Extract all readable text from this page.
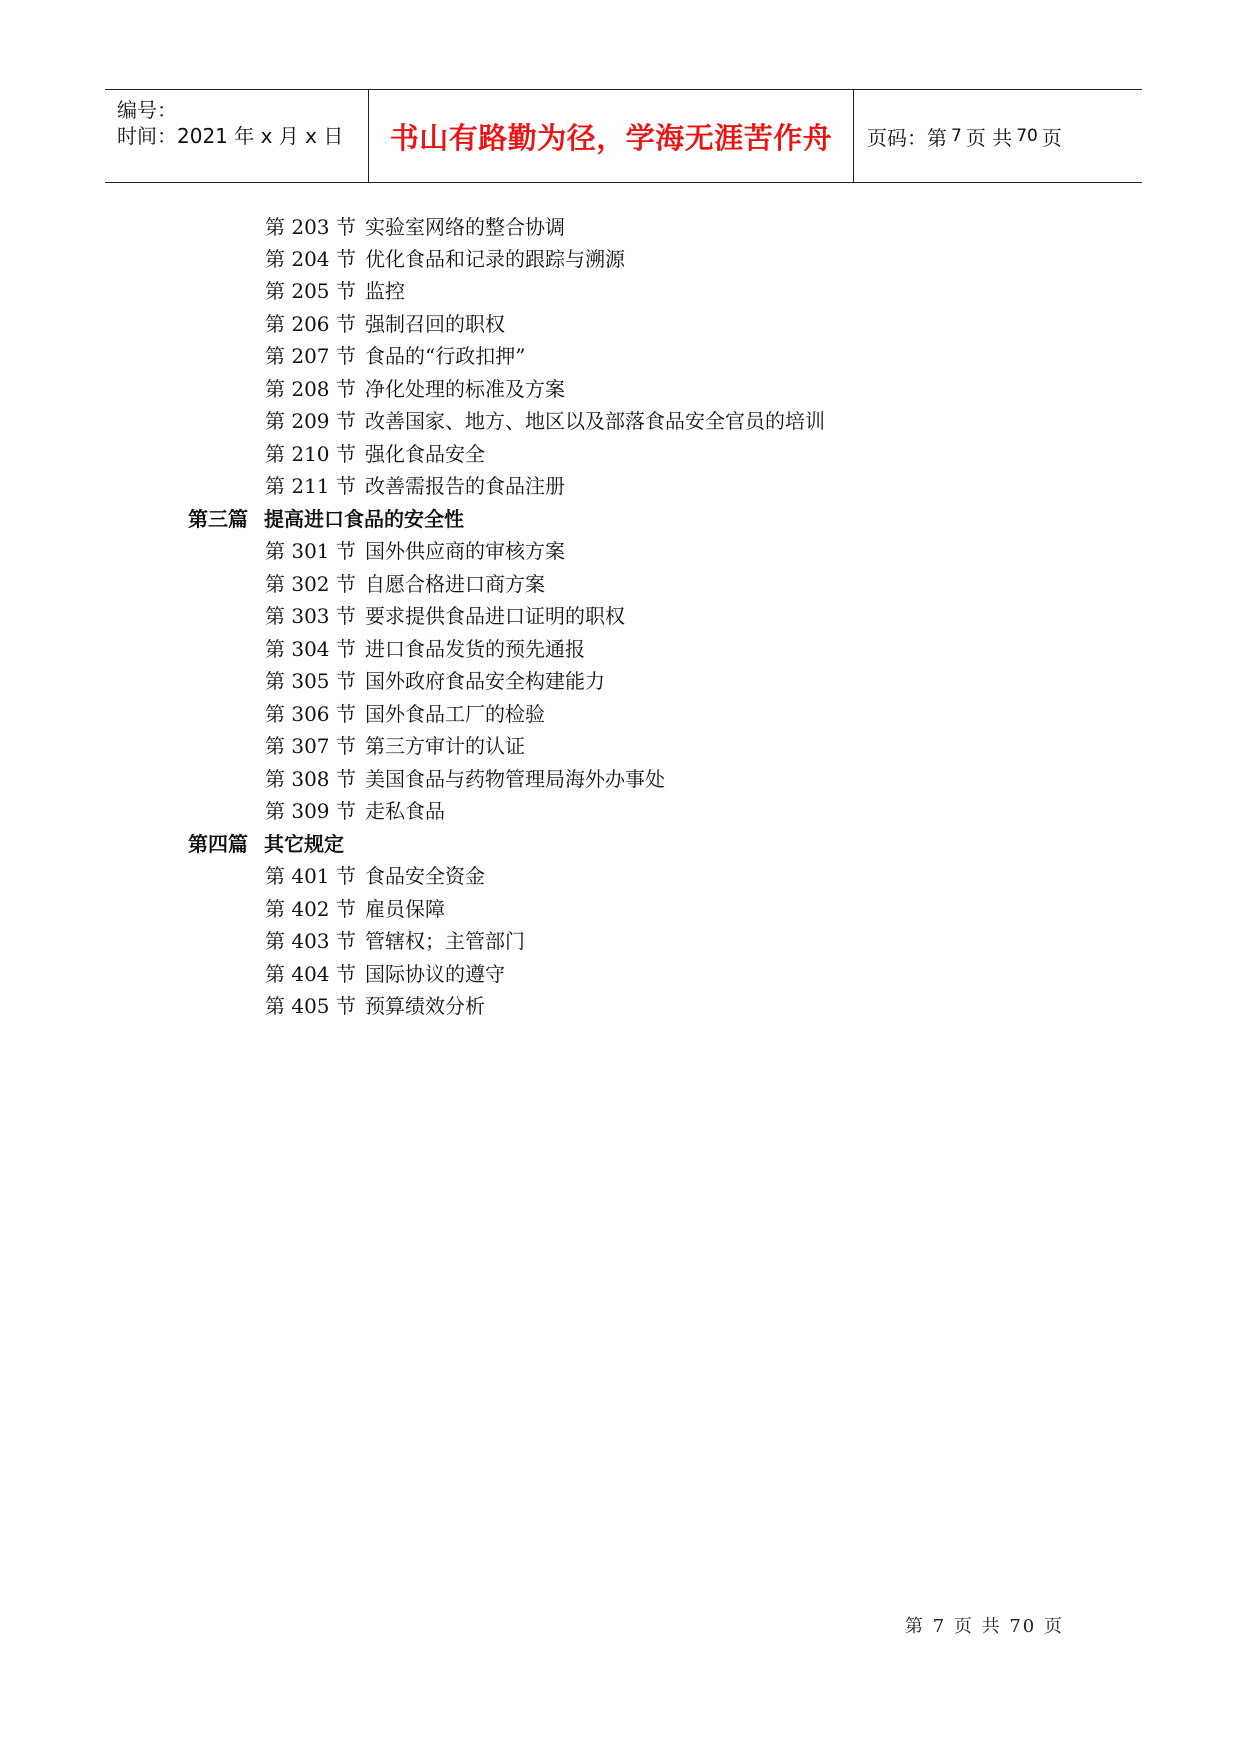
编号：
时间：2021 年 x 月 x 日 书山有路勤为径，学海无涯苦作舟 页码：第 7 页 共 70 页
第 203 节 实验室网络的整合协调
第 204 节 优化食品和记录的跟踪与溯源
第 205 节 监控
第 206 节 强制召回的职权
第 207 节 食品的“行政扣押”
第 208 节 净化处理的标准及方案
第 209 节 改善国家、地方、地区以及部落食品安全官员的培训
第 210 节 强化食品安全
第 211 节 改善需报告的食品注册
第三篇 提高进口食品的安全性
第 301 节 国外供应商的审核方案
第 302 节 自愿合格进口商方案
第 303 节 要求提供食品进口证明的职权
第 304 节 进口食品发货的预先通报
第 305 节 国外政府食品安全构建能力
第 306 节 国外食品工厂的检验
第 307 节 第三方审计的认证
第 308 节 美国食品与药物管理局海外办事处
第 309 节 走私食品
第四篇 其它规定
第 401 节 食品安全资金
第 402 节 雇员保障
第 403 节 管辖权；主管部门
第 404 节 国际协议的遵守
第 405 节 预算绩效分析
第 7 页 共 70 页
